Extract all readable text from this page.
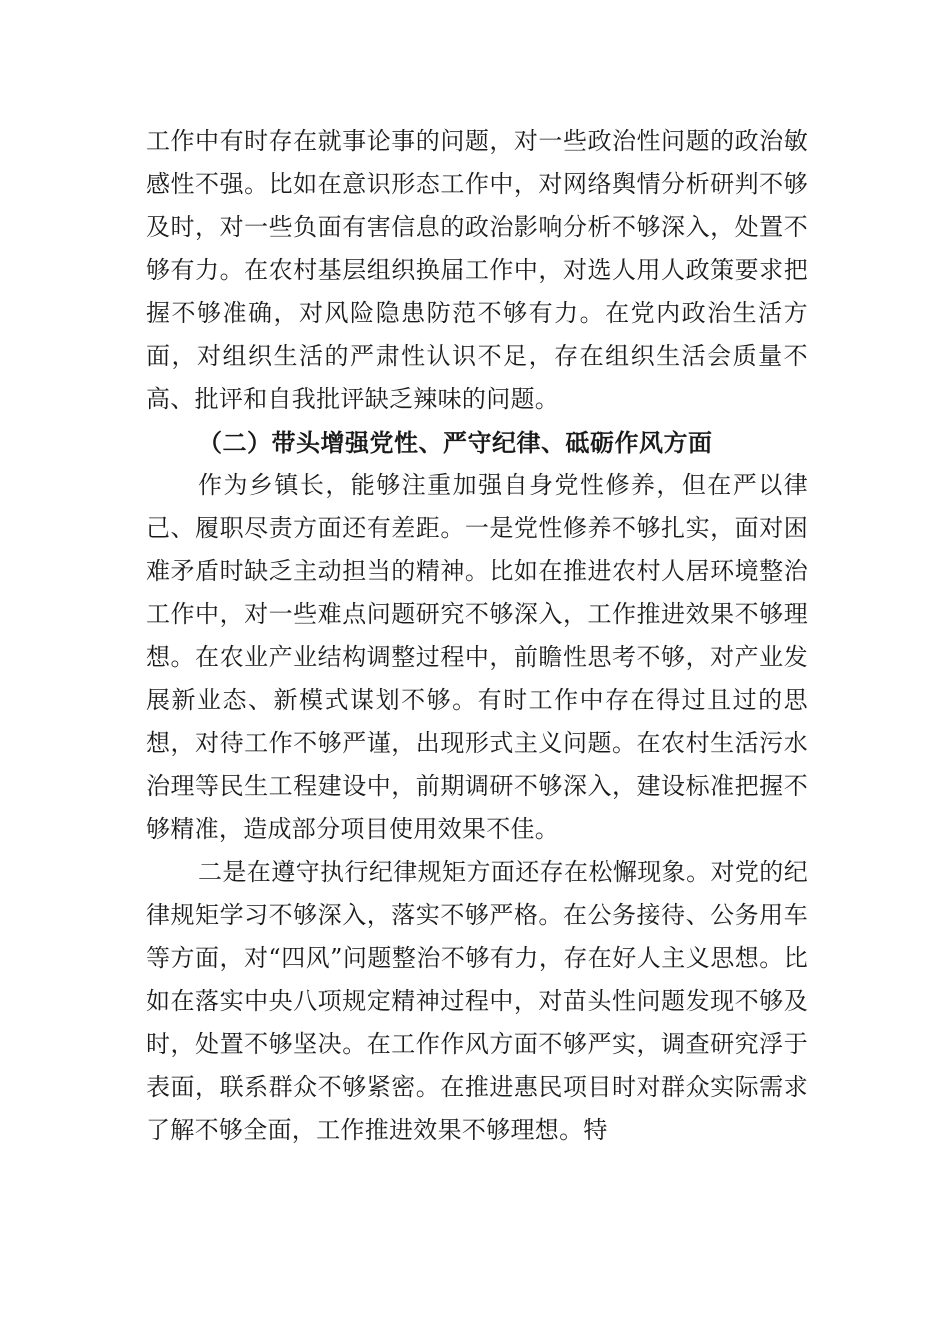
工作中有时存在就事论事的问题，对一些政治性问题的政治敏感性不强。比如在意识形态工作中，对网络舆情分析研判不够及时，对一些负面有害信息的政治影响分析不够深入，处置不够有力。在农村基层组织换届工作中，对选人用人政策要求把握不够准确，对风险隐患防范不够有力。在党内政治生活方面，对组织生活的严肃性认识不足，存在组织生活会质量不高、批评和自我批评缺乏辣味的问题。

（二）带头增强党性、严守纪律、砥砺作风方面

作为乡镇长，能够注重加强自身党性修养，但在严以律己、履职尽责方面还有差距。一是党性修养不够扎实，面对困难矛盾时缺乏主动担当的精神。比如在推进农村人居环境整治工作中，对一些难点问题研究不够深入，工作推进效果不够理想。在农业产业结构调整过程中，前瞻性思考不够，对产业发展新业态、新模式谋划不够。有时工作中存在得过且过的思想，对待工作不够严谨，出现形式主义问题。在农村生活污水治理等民生工程建设中，前期调研不够深入，建设标准把握不够精准，造成部分项目使用效果不佳。

二是在遵守执行纪律规矩方面还存在松懈现象。对党的纪律规矩学习不够深入，落实不够严格。在公务接待、公务用车等方面，对“四风”问题整治不够有力，存在好人主义思想。比如在落实中央八项规定精神过程中，对苗头性问题发现不够及时，处置不够坚决。在工作作风方面不够严实，调查研究浮于表面，联系群众不够紧密。在推进惠民项目时对群众实际需求了解不够全面，工作推进效果不够理想。特
